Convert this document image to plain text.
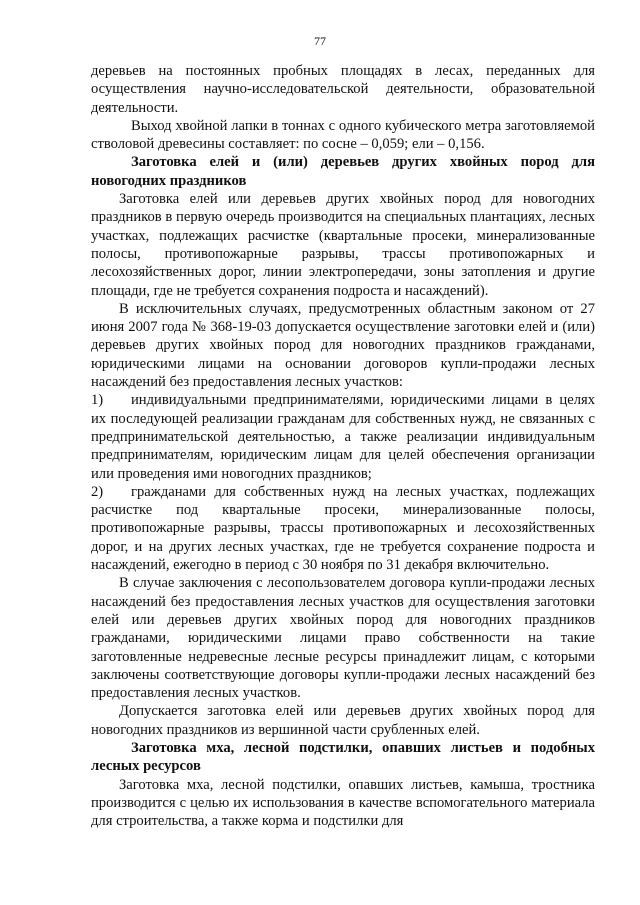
77

деревьев на постоянных пробных площадях в лесах, переданных для осуществления научно-исследовательской деятельности, образовательной деятельности.

Выход хвойной лапки в тоннах с одного кубического метра заготовляемой стволовой древесины составляет: по сосне – 0,059; ели – 0,156.

Заготовка елей и (или) деревьев других хвойных пород для новогодних праздников

Заготовка елей или деревьев других хвойных пород для новогодних праздников в первую очередь производится на специальных плантациях, лесных участках, подлежащих расчистке (квартальные просеки, минерализованные полосы, противопожарные разрывы, трассы противопожарных и лесохозяйственных дорог, линии электропередачи, зоны затопления и другие площади, где не требуется сохранения подроста и насаждений).

В исключительных случаях, предусмотренных областным законом от 27 июня 2007 года № 368-19-03 допускается осуществление заготовки елей и (или) деревьев других хвойных пород для новогодних праздников гражданами, юридическими лицами на основании договоров купли-продажи лесных насаждений без предоставления лесных участков:

1) индивидуальными предпринимателями, юридическими лицами в целях их последующей реализации гражданам для собственных нужд, не связанных с предпринимательской деятельностью, а также реализации индивидуальным предпринимателям, юридическим лицам для целей обеспечения организации или проведения ими новогодних праздников;

2) гражданами для собственных нужд на лесных участках, подлежащих расчистке под квартальные просеки, минерализованные полосы, противопожарные разрывы, трассы противопожарных и лесохозяйственных дорог, и на других лесных участках, где не требуется сохранение подроста и насаждений, ежегодно в период с 30 ноября по 31 декабря включительно.

В случае заключения с лесопользователем договора купли-продажи лесных насаждений без предоставления лесных участков для осуществления заготовки елей или деревьев других хвойных пород для новогодних праздников гражданами, юридическими лицами право собственности на такие заготовленные недревесные лесные ресурсы принадлежит лицам, с которыми заключены соответствующие договоры купли-продажи лесных насаждений без предоставления лесных участков.

Допускается заготовка елей или деревьев других хвойных пород для новогодних праздников из вершинной части срубленных елей.

Заготовка мха, лесной подстилки, опавших листьев и подобных лесных ресурсов

Заготовка мха, лесной подстилки, опавших листьев, камыша, тростника производится с целью их использования в качестве вспомогательного материала для строительства, а также корма и подстилки для
